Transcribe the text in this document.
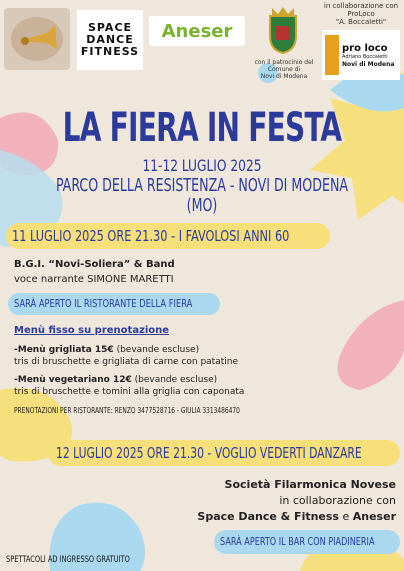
SPACE
DANCE
FITNESS
Aneser
con il patrocinio del
Comune di
Novi di Modena
in collaborazione con
ProLoco
"A. Boccaletti"
pro loco
Adriano Boccaletti
Novi di Modena
LA FIERA IN FESTA
11-12 LUGLIO 2025
PARCO DELLA RESISTENZA - NOVI DI MODENA (MO)
11 LUGLIO 2025 ORE 21.30 - I FAVOLOSI ANNI 60
B.G.I. “Novi-Soliera” & Band
voce narrante SIMONE MARETTI
SARÀ APERTO IL RISTORANTE DELLA FIERA
Menù fisso su prenotazione
-Menù grigliata 15€ (bevande escluse)
tris di bruschette e grigliata di carne con patatine
-Menù vegetariano 12€ (bevande escluse)
tris di bruschette e tomini alla griglia con caponata
PRENOTAZIONI PER RISTORANTE: RENZO 3477528716 - GIULIA 3313486470
12 LUGLIO 2025 ORE 21.30 - VOGLIO VEDERTI DANZARE
Società Filarmonica Novese
in collaborazione con
Space Dance & Fitness e Aneser
SARÀ APERTO IL BAR CON PIADINERIA
SPETTACOLI AD INGRESSO GRATUITO
